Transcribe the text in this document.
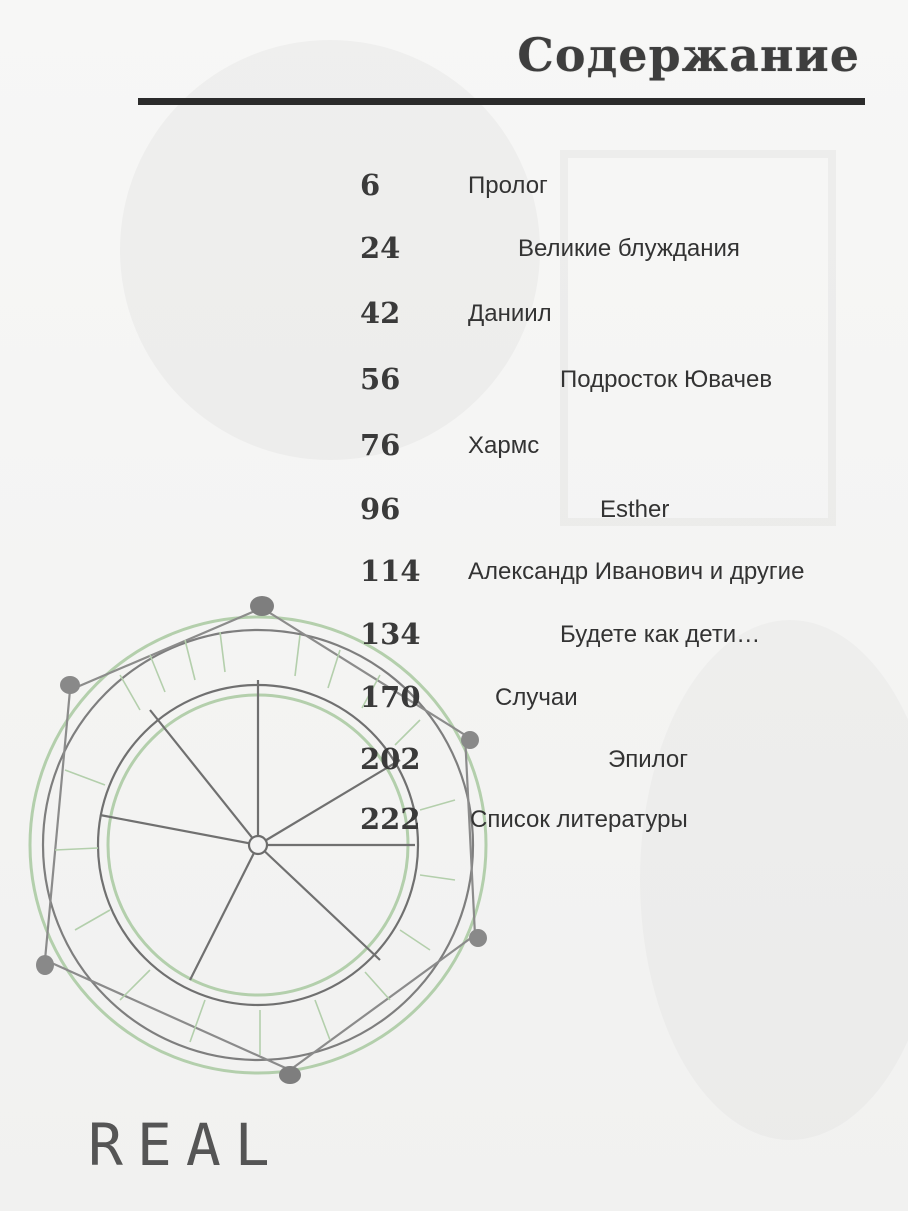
Содержание
REAL
6	Пролог
24	Великие блуждания
42	Даниил
56	Подросток Ювачев
76	Хармс
96	Esther
114 Александр Иванович и другие
134	Будете как дети…
170	Случаи
202	Эпилог
222 Список литературы
